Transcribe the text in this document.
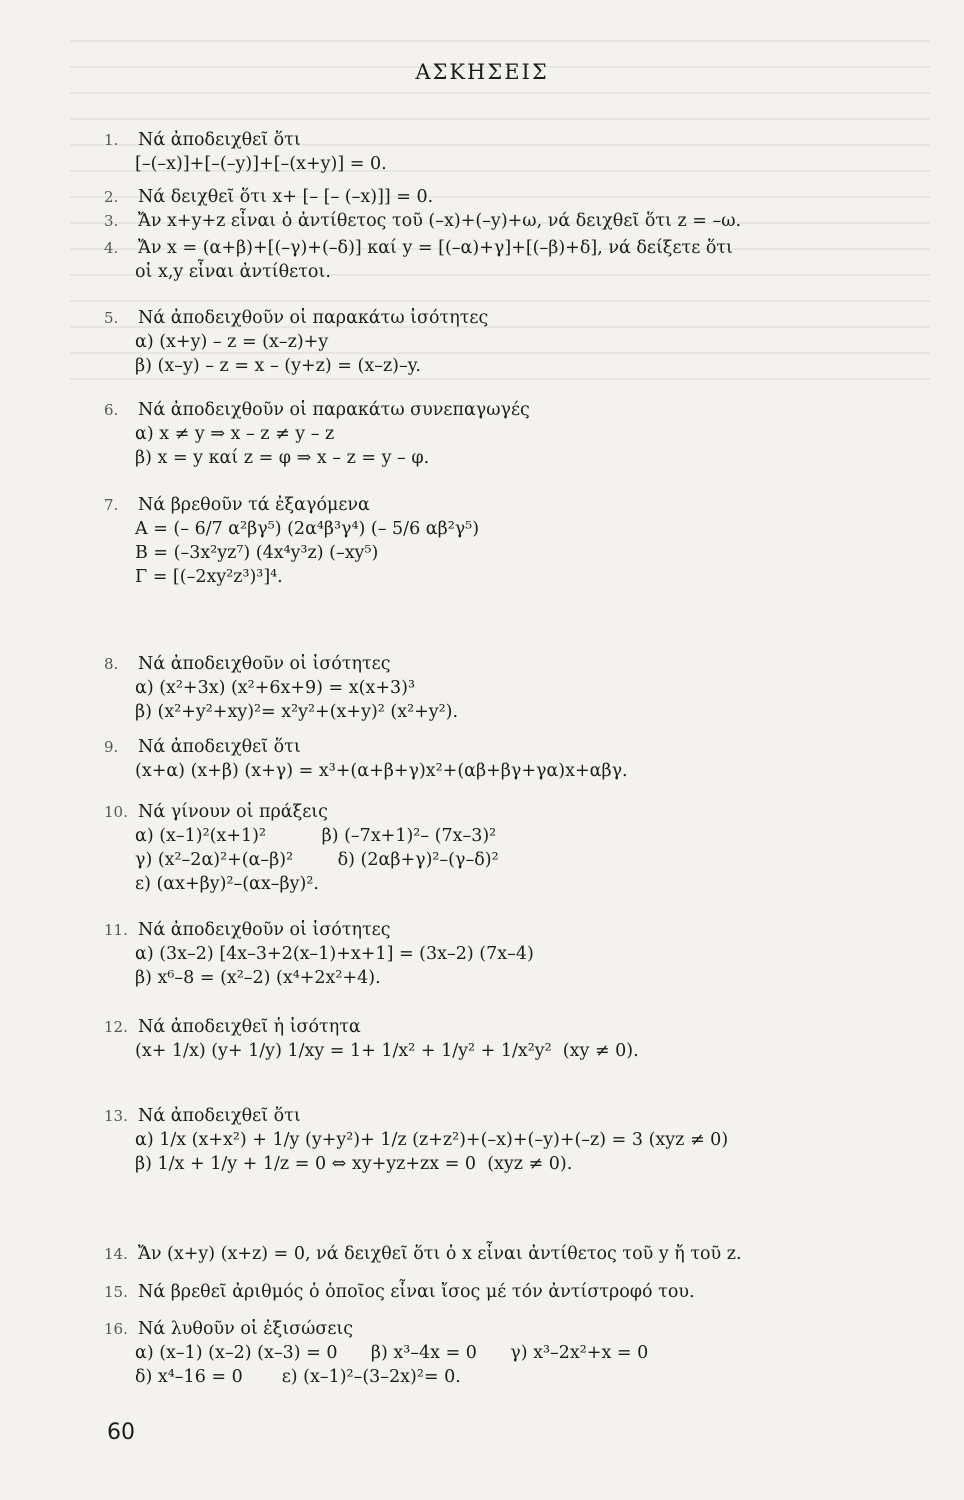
ΑΣΚΗΣΕΙΣ
1. Νά ἀποδειχθεῖ ὅτι
[–(–x)]+[–(–y)]+[–(x+y)] = 0.
2. Νά δειχθεῖ ὅτι x+ [– [– (–x)]] = 0.
3. Ἄν x+y+z εἶναι ὁ ἀντίθετος τοῦ (–x)+(–y)+ω, νά δειχθεῖ ὅτι z = –ω.
4. Ἄν x = (α+β)+[(–γ)+(–δ)] καί y = [(–α)+γ]+[(–β)+δ], νά δείξετε ὅτι
οἱ x,y εἶναι ἀντίθετοι.
5. Νά ἀποδειχθοῦν οἱ παρακάτω ἰσότητες
α) (x+y) – z = (x–z)+y
β) (x–y) – z = x – (y+z) = (x–z)–y.
6. Νά ἀποδειχθοῦν οἱ παρακάτω συνεπαγωγές
α) x ≠ y ⇒ x – z ≠ y – z
β) x = y καί z = φ ⇒ x – z = y – φ.
7. Νά βρεθοῦν τά ἐξαγόμενα
Α = (– 6/7 α²βγ⁵) (2α⁴β³γ⁴) (– 5/6 αβ²γ⁵)
Β = (–3x²yz⁷) (4x⁴y³z) (–xy⁵)
Γ = [(–2xy²z³)³]⁴.
8. Νά ἀποδειχθοῦν οἱ ἰσότητες
α) (x²+3x) (x²+6x+9) = x(x+3)³
β) (x²+y²+xy)²= x²y²+(x+y)² (x²+y²).
9. Νά ἀποδειχθεῖ ὅτι
(x+α) (x+β) (x+γ) = x³+(α+β+γ)x²+(αβ+βγ+γα)x+αβγ.
10. Νά γίνουν οἱ πράξεις
α) (x–1)²(x+1)²          β) (–7x+1)²– (7x–3)²
γ) (x²–2α)²+(α–β)²        δ) (2αβ+γ)²–(γ–δ)²
ε) (αx+βy)²–(αx–βy)².
11. Νά ἀποδειχθοῦν οἱ ἰσότητες
α) (3x–2) [4x–3+2(x–1)+x+1] = (3x–2) (7x–4)
β) x⁶–8 = (x²–2) (x⁴+2x²+4).
12. Νά ἀποδειχθεῖ ἡ ἰσότητα
(x+ 1/x) (y+ 1/y) 1/xy = 1+ 1/x² + 1/y² + 1/x²y²  (xy ≠ 0).
13. Νά ἀποδειχθεῖ ὅτι
α) 1/x (x+x²) + 1/y (y+y²)+ 1/z (z+z²)+(–x)+(–y)+(–z) = 3 (xyz ≠ 0)
β) 1/x + 1/y + 1/z = 0 ⇔ xy+yz+zx = 0  (xyz ≠ 0).
14. Ἄν (x+y) (x+z) = 0, νά δειχθεῖ ὅτι ὁ x εἶναι ἀντίθετος τοῦ y ἤ τοῦ z.
15. Νά βρεθεῖ ἀριθμός ὁ ὁποῖος εἶναι ἴσος μέ τόν ἀντίστροφό του.
16. Νά λυθοῦν οἱ ἐξισώσεις
α) (x–1) (x–2) (x–3) = 0      β) x³–4x = 0      γ) x³–2x²+x = 0
δ) x⁴–16 = 0       ε) (x–1)²–(3–2x)²= 0.
60
